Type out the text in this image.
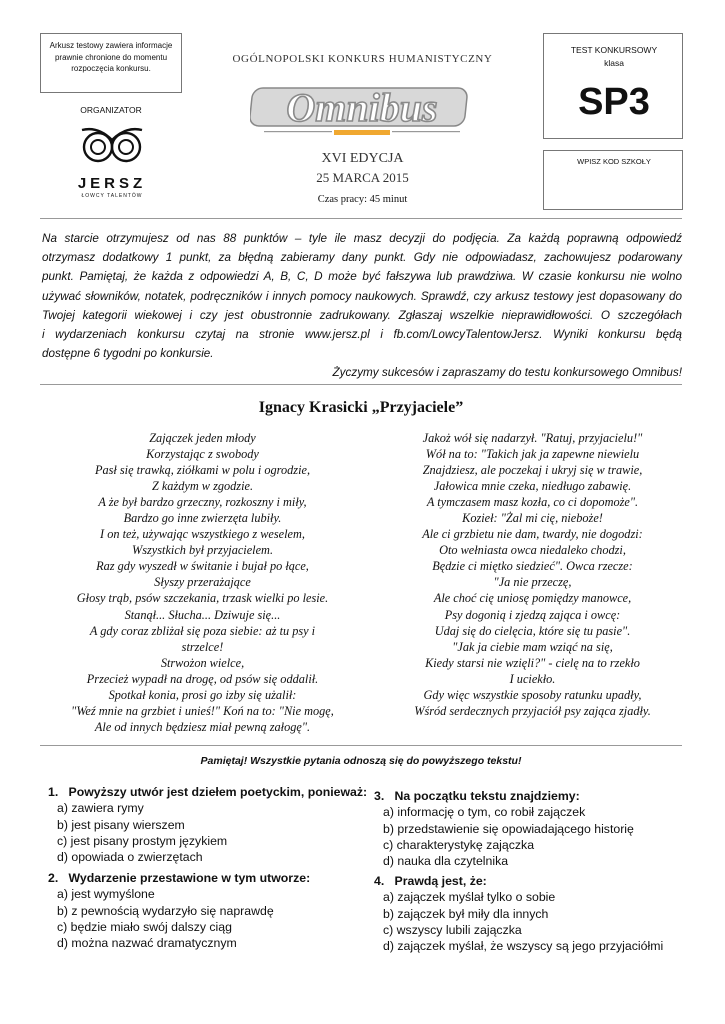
Arkusz testowy zawiera informacje prawnie chronione do momentu rozpoczęcia konkursu.
ORGANIZATOR
JERSZ
ŁOWCY TALENTÓW
OGÓLNOPOLSKI KONKURS HUMANISTYCZNY
Omnibus
XVI EDYCJA
25 MARCA 2015
Czas pracy: 45 minut
TEST KONKURSOWY
klasa
SP3
WPISZ KOD SZKOŁY
Na starcie otrzymujesz od nas 88 punktów – tyle ile masz decyzji do podjęcia. Za każdą poprawną odpowiedź
otrzymasz dodatkowy 1 punkt, za błędną zabieramy dany punkt. Gdy nie odpowiadasz, zachowujesz podarowany
punkt. Pamiętaj, że każda z odpowiedzi A, B, C, D może być fałszywa lub prawdziwa. W czasie konkursu nie wolno
używać słowników, notatek, podręczników i innych pomocy naukowych. Sprawdź, czy arkusz testowy jest dopasowany do
Twojej kategorii wiekowej i czy jest obustronnie zadrukowany. Zgłaszaj wszelkie nieprawidłowości. O szczegółach
i wydarzeniach konkursu czytaj na stronie www.jersz.pl i fb.com/LowcyTalentowJersz. Wyniki konkursu będą
dostępne 6 tygodni po konkursie.
Życzymy sukcesów i zapraszamy do testu konkursowego Omnibus!
Ignacy Krasicki „Przyjaciele”
Zajączek jeden młody
Korzystając z swobody
Pasł się trawką, ziółkami w polu i ogrodzie,
Z każdym w zgodzie.
A że był bardzo grzeczny, rozkoszny i miły,
Bardzo go inne zwierzęta lubiły.
I on też, używając wszystkiego z weselem,
Wszystkich był przyjacielem.
Raz gdy wyszedł w świtanie i bujał po łące,
Słyszy przerażające
Głosy trąb, psów szczekania, trzask wielki po lesie.
Stanął... Słucha... Dziwuje się...
A gdy coraz zbliżał się poza siebie: aż tu psy i
strzelce!
Strwożon wielce,
Przecież wypadł na drogę, od psów się oddalił.
Spotkał konia, prosi go izby się użalił:
"Weź mnie na grzbiet i unieś!" Koń na to: "Nie mogę,
Ale od innych będziesz miał pewną załogę".
Jakoż wół się nadarzył. "Ratuj, przyjacielu!"
Wół na to: "Takich jak ja zapewne niewielu
Znajdziesz, ale poczekaj i ukryj się w trawie,
Jałowica mnie czeka, niedługo zabawię.
A tymczasem masz kozła, co ci dopomoże".
Kozieł: "Żal mi cię, nieboże!
Ale ci grzbietu nie dam, twardy, nie dogodzi:
Oto wełniasta owca niedaleko chodzi,
Będzie ci miętko siedzieć". Owca rzecze:
"Ja nie przeczę,
Ale choć cię uniosę pomiędzy manowce,
Psy dogonią i zjedzą zająca i owcę:
Udaj się do cielęcia, które się tu pasie".
"Jak ja ciebie mam wziąć na się,
Kiedy starsi nie wzięli?" - cielę na to rzekło
I uciekło.
Gdy więc wszystkie sposoby ratunku upadły,
Wśród serdecznych przyjaciół psy zająca zjadły.
Pamiętaj! Wszystkie pytania odnoszą się do powyższego tekstu!
1. Powyższy utwór jest dziełem poetyckim, ponieważ:
a) zawiera rymy
b) jest pisany wierszem
c) jest pisany prostym językiem
d) opowiada o zwierzętach
2. Wydarzenie przestawione w tym utworze:
a) jest wymyślone
b) z pewnością wydarzyło się naprawdę
c) będzie miało swój dalszy ciąg
d) można nazwać dramatycznym
3. Na początku tekstu znajdziemy:
a) informację o tym, co robił zajączek
b) przedstawienie się opowiadającego historię
c) charakterystykę zajączka
d) nauka dla czytelnika
4. Prawdą jest, że:
a) zajączek myślał tylko o sobie
b) zajączek był miły dla innych
c) wszyscy lubili zajączka
d) zajączek myślał, że wszyscy są jego przyjaciółmi
